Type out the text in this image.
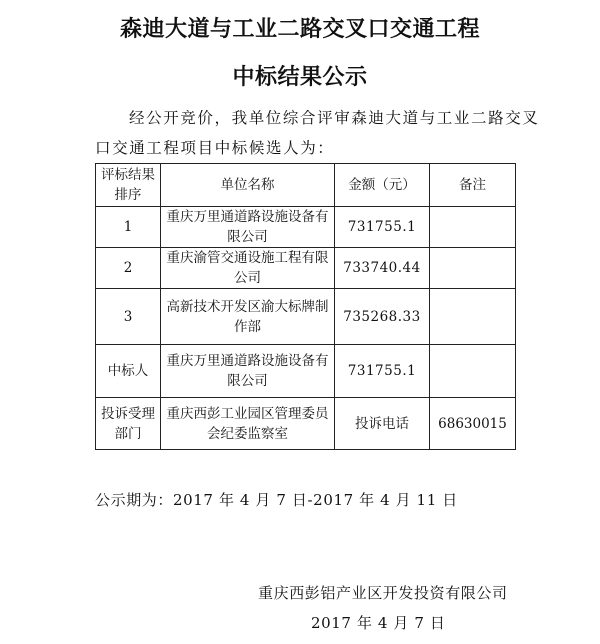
森迪大道与工业二路交叉口交通工程
中标结果公示
经公开竞价，我单位综合评审森迪大道与工业二路交叉
口交通工程项目中标候选人为：
评标结果排序	单位名称	金额（元）	备注
1	重庆万里通道路设施设备有限公司	731755.1	
2	重庆渝管交通设施工程有限公司	733740.44	
3	高新技术开发区渝大标牌制作部	735268.33	
中标人	重庆万里通道路设施设备有限公司	731755.1	
投诉受理部门	重庆西彭工业园区管理委员会纪委监察室	投诉电话	68630015
公示期为：2017 年 4 月 7 日-2017 年 4 月 11 日
重庆西彭铝产业区开发投资有限公司
2017 年 4 月 7 日
